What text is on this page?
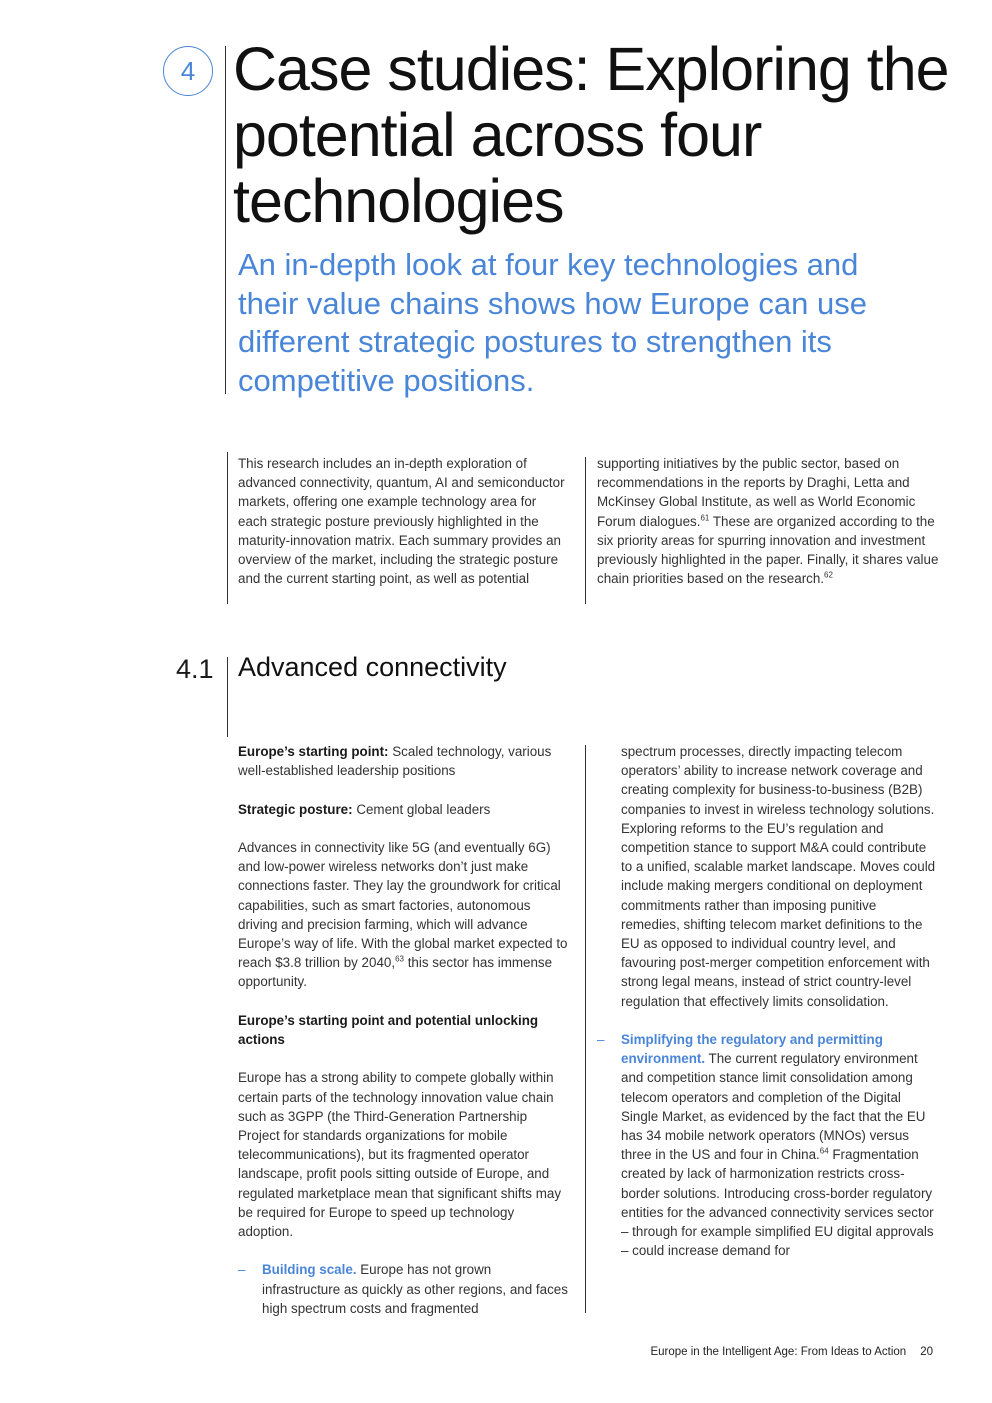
4 Case studies: Exploring the potential across four technologies

An in-depth look at four key technologies and their value chains shows how Europe can use different strategic postures to strengthen its competitive positions.

This research includes an in-depth exploration of advanced connectivity, quantum, AI and semiconductor markets, offering one example technology area for each strategic posture previously highlighted in the maturity-innovation matrix. Each summary provides an overview of the market, including the strategic posture and the current starting point, as well as potential

supporting initiatives by the public sector, based on recommendations in the reports by Draghi, Letta and McKinsey Global Institute, as well as World Economic Forum dialogues.$^{61}$ These are organized according to the six priority areas for spurring innovation and investment previously highlighted in the paper. Finally, it shares value chain priorities based on the research.$^{62}$

4.1 Advanced connectivity

Europe’s starting point: Scaled technology, various well-established leadership positions

Strategic posture: Cement global leaders

Advances in connectivity like 5G (and eventually 6G) and low-power wireless networks don’t just make connections faster. They lay the groundwork for critical capabilities, such as smart factories, autonomous driving and precision farming, which will advance Europe’s way of life. With the global market expected to reach $3.8 trillion by 2040,63 this sector has immense opportunity.

Europe’s starting point and potential unlocking actions

Europe has a strong ability to compete globally within certain parts of the technology innovation value chain such as 3GPP (the Third-Generation Partnership Project for standards organizations for mobile telecommunications), but its fragmented operator landscape, profit pools sitting outside of Europe, and regulated marketplace mean that significant shifts may be required for Europe to speed up technology adoption.

– Building scale. Europe has not grown infrastructure as quickly as other regions, and faces high spectrum costs and fragmented

spectrum processes, directly impacting telecom operators’ ability to increase network coverage and creating complexity for business-to-business (B2B) companies to invest in wireless technology solutions. Exploring reforms to the EU’s regulation and competition stance to support M&A could contribute to a unified, scalable market landscape. Moves could include making mergers conditional on deployment commitments rather than imposing punitive remedies, shifting telecom market definitions to the EU as opposed to individual country level, and favouring post-merger competition enforcement with strong legal means, instead of strict country-level regulation that effectively limits consolidation.

– Simplifying the regulatory and permitting environment. The current regulatory environment and competition stance limit consolidation among telecom operators and completion of the Digital Single Market, as evidenced by the fact that the EU has 34 mobile network operators (MNOs) versus three in the US and four in China.$^{64}$ Fragmentation created by lack of harmonization restricts cross-border solutions. Introducing cross-border regulatory entities for the advanced connectivity services sector – through for example simplified EU digital approvals – could increase demand for
Europe in the Intelligent Age: From Ideas to Action 20
